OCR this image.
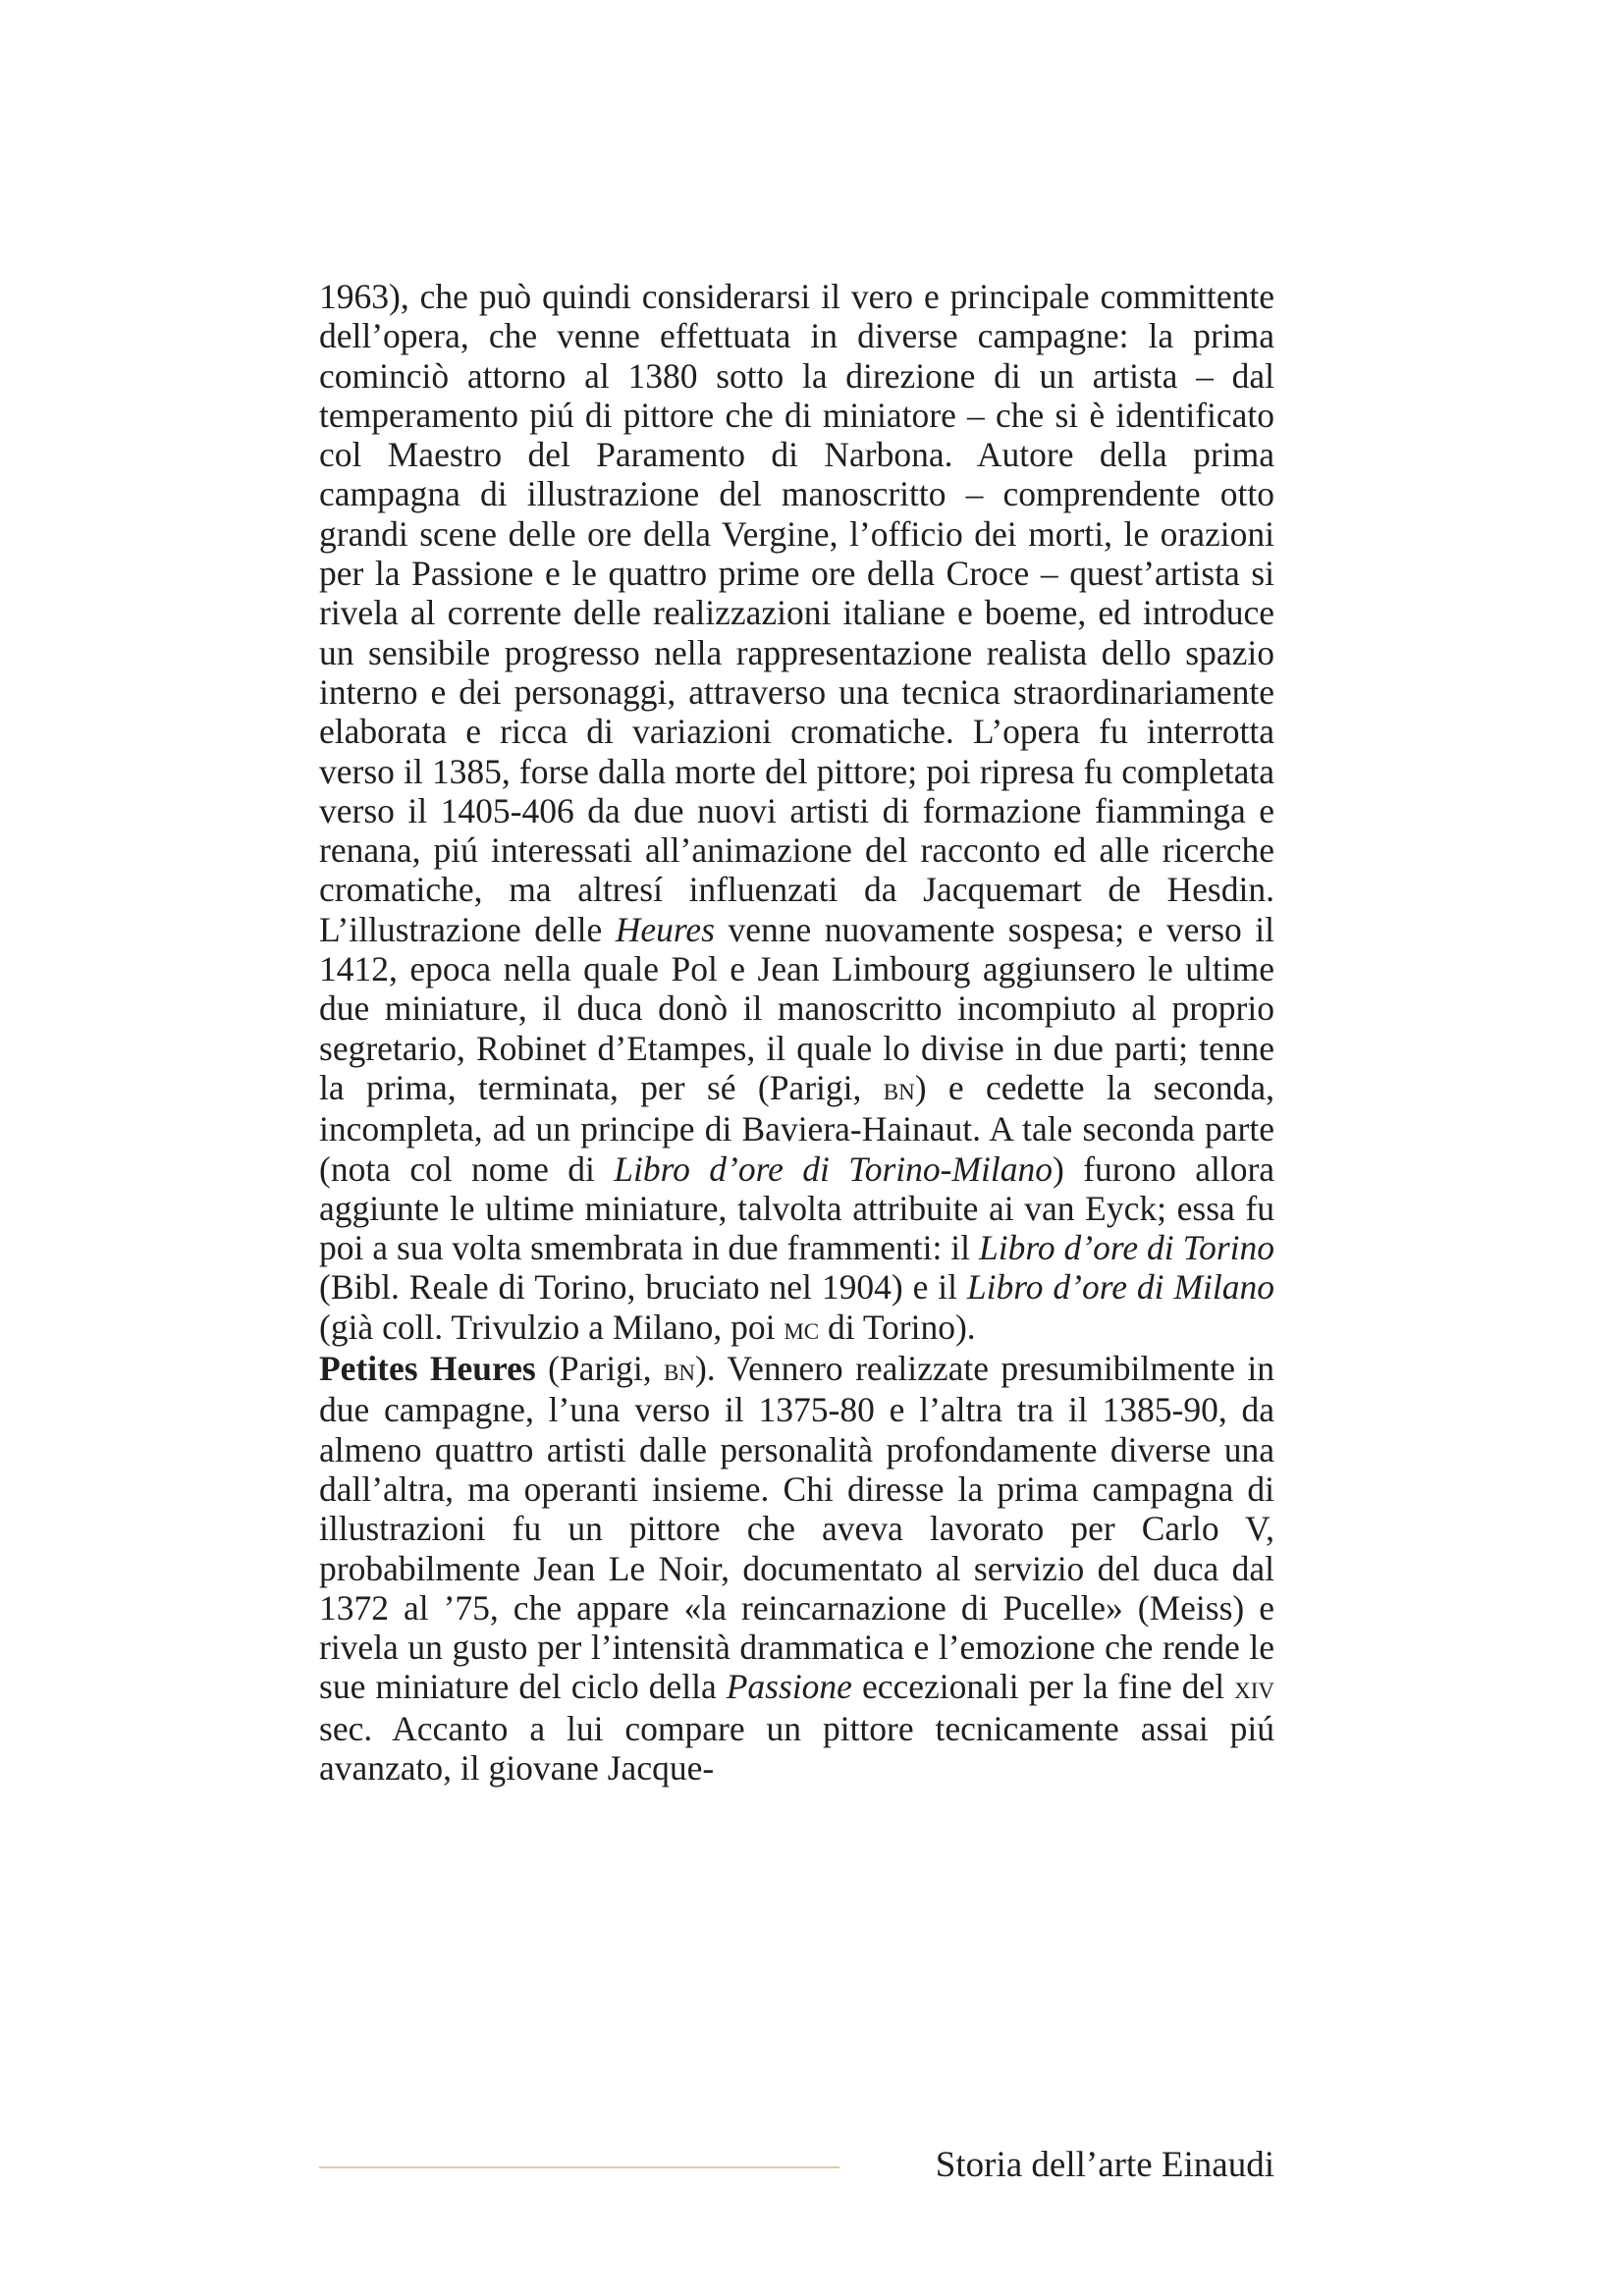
1963), che può quindi considerarsi il vero e principale committente dell’opera, che venne effettuata in diverse campagne: la prima cominciò attorno al 1380 sotto la direzione di un artista – dal temperamento piú di pittore che di miniatore – che si è identificato col Maestro del Paramento di Narbona. Autore della prima campagna di illustrazione del manoscritto – comprendente otto grandi scene delle ore della Vergine, l’officio dei morti, le orazioni per la Passione e le quattro prime ore della Croce – quest’artista si rivela al corrente delle realizzazioni italiane e boeme, ed introduce un sensibile progresso nella rappresentazione realista dello spazio interno e dei personaggi, attraverso una tecnica straordinariamente elaborata e ricca di variazioni cromatiche. L’opera fu interrotta verso il 1385, forse dalla morte del pittore; poi ripresa fu completata verso il 1405-406 da due nuovi artisti di formazione fiamminga e renana, piú interessati all’animazione del racconto ed alle ricerche cromatiche, ma altresí influenzati da Jacquemart de Hesdin. L’illustrazione delle Heures venne nuovamente sospesa; e verso il 1412, epoca nella quale Pol e Jean Limbourg aggiunsero le ultime due miniature, il duca donò il manoscritto incompiuto al proprio segretario, Robinet d’Etampes, il quale lo divise in due parti; tenne la prima, terminata, per sé (Parigi, bn) e cedette la seconda, incompleta, ad un principe di Baviera-Hainaut. A tale seconda parte (nota col nome di Libro d’ore di Torino-Milano) furono allora aggiunte le ultime miniature, talvolta attribuite ai van Eyck; essa fu poi a sua volta smembrata in due frammenti: il Libro d’ore di Torino (Bibl. Reale di Torino, bruciato nel 1904) e il Libro d’ore di Milano (già coll. Trivulzio a Milano, poi mc di Torino).

Petites Heures (Parigi, bn). Vennero realizzate presumibilmente in due campagne, l’una verso il 1375-80 e l’altra tra il 1385-90, da almeno quattro artisti dalle personalità profondamente diverse una dall’altra, ma operanti insieme. Chi diresse la prima campagna di illustrazioni fu un pittore che aveva lavorato per Carlo V, probabilmente Jean Le Noir, documentato al servizio del duca dal 1372 al ’75, che appare «la reincarnazione di Pucelle» (Meiss) e rivela un gusto per l’intensità drammatica e l’emozione che rende le sue miniature del ciclo della Passione eccezionali per la fine del xiv sec. Accanto a lui compare un pittore tecnicamente assai piú avanzato, il giovane Jacque-

Storia dell’arte Einaudi
